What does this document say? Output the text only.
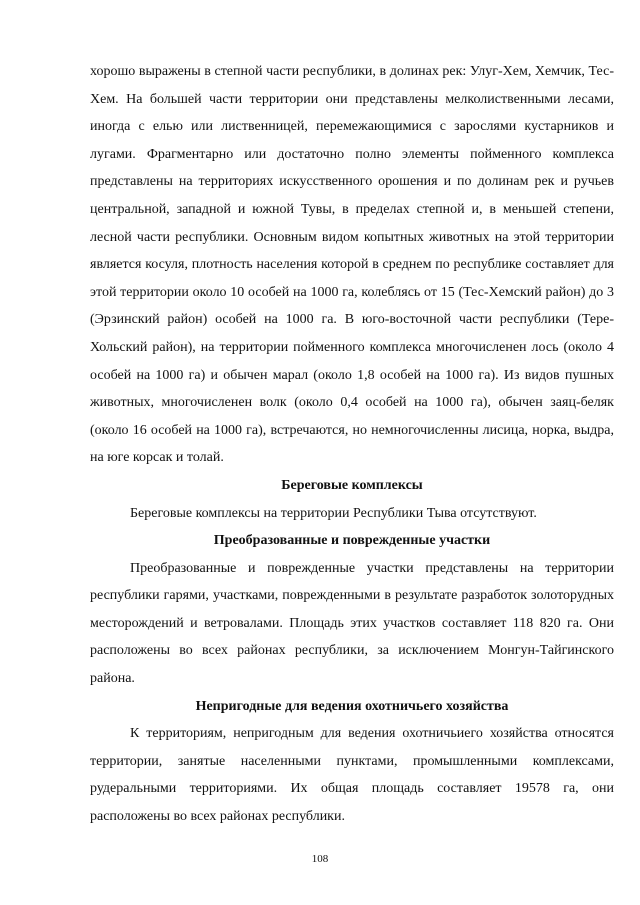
хорошо выражены в степной части республики, в долинах рек: Улуг-Хем, Хемчик, Тес-Хем. На большей части территории они представлены мелколиственными лесами, иногда с елью или лиственницей, перемежающимися с зарослями кустарников и лугами. Фрагментарно или достаточно полно элементы пойменного комплекса представлены на территориях искусственного орошения и по долинам рек и ручьев центральной, западной и южной Тувы, в пределах степной и, в меньшей степени, лесной части республики. Основным видом копытных животных на этой территории является косуля, плотность населения которой в среднем по республике составляет для этой территории около 10 особей на 1000 га, колеблясь от 15 (Тес-Хемский район) до 3 (Эрзинский район) особей на 1000 га. В юго-восточной части республики (Тере-Хольский район), на территории пойменного комплекса многочисленен лось (около 4 особей на 1000 га) и обычен марал (около 1,8 особей на 1000 га). Из видов пушных животных, многочисленен волк (около 0,4 особей на 1000 га), обычен заяц-беляк (около 16 особей на 1000 га), встречаются, но немногочисленны лисица, норка, выдра, на юге корсак и толай.

Береговые комплексы

Береговые комплексы на территории Республики Тыва отсутствуют.

Преобразованные и поврежденные участки

Преобразованные и поврежденные участки представлены на территории республики гарями, участками, поврежденными в результате разработок золоторудных месторождений и ветровалами. Площадь этих участков составляет 118 820 га. Они расположены во всех районах республики, за исключением Монгун-Тайгинского района.

Непригодные для ведения охотничьего хозяйства

К территориям, непригодным для ведения охотничьиего хозяйства относятся территории, занятые населенными пунктами, промышленными комплексами, рудеральными территориями. Их общая площадь составляет 19578 га, они расположены во всех районах республики.

108
